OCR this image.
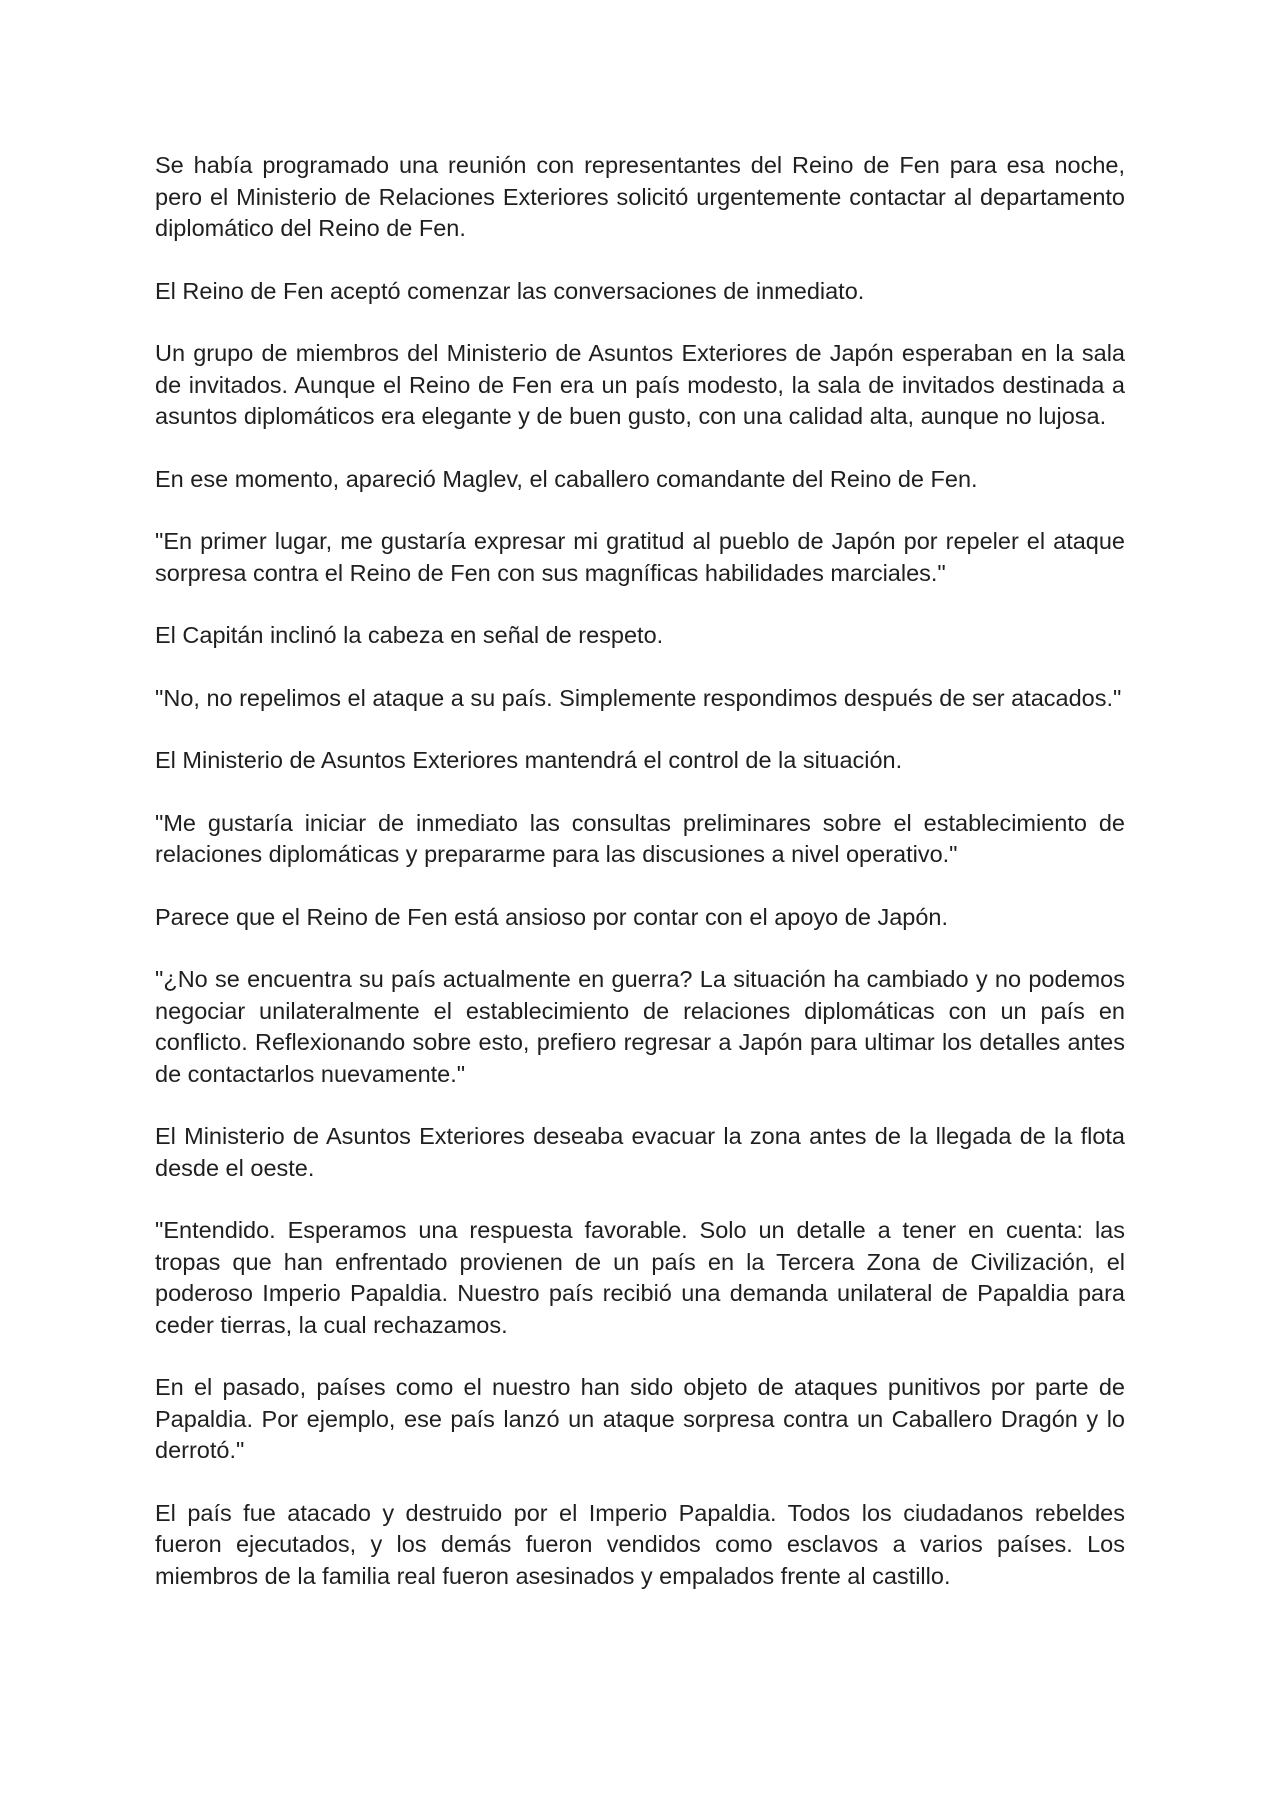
Se había programado una reunión con representantes del Reino de Fen para esa noche, pero el Ministerio de Relaciones Exteriores solicitó urgentemente contactar al departamento diplomático del Reino de Fen.

El Reino de Fen aceptó comenzar las conversaciones de inmediato.

Un grupo de miembros del Ministerio de Asuntos Exteriores de Japón esperaban en la sala de invitados. Aunque el Reino de Fen era un país modesto, la sala de invitados destinada a asuntos diplomáticos era elegante y de buen gusto, con una calidad alta, aunque no lujosa.

En ese momento, apareció Maglev, el caballero comandante del Reino de Fen.

"En primer lugar, me gustaría expresar mi gratitud al pueblo de Japón por repeler el ataque sorpresa contra el Reino de Fen con sus magníficas habilidades marciales."

El Capitán inclinó la cabeza en señal de respeto.

"No, no repelimos el ataque a su país. Simplemente respondimos después de ser atacados."

El Ministerio de Asuntos Exteriores mantendrá el control de la situación.

"Me gustaría iniciar de inmediato las consultas preliminares sobre el establecimiento de relaciones diplomáticas y prepararme para las discusiones a nivel operativo."

Parece que el Reino de Fen está ansioso por contar con el apoyo de Japón.

"¿No se encuentra su país actualmente en guerra? La situación ha cambiado y no podemos negociar unilateralmente el establecimiento de relaciones diplomáticas con un país en conflicto. Reflexionando sobre esto, prefiero regresar a Japón para ultimar los detalles antes de contactarlos nuevamente."

El Ministerio de Asuntos Exteriores deseaba evacuar la zona antes de la llegada de la flota desde el oeste.

"Entendido. Esperamos una respuesta favorable. Solo un detalle a tener en cuenta: las tropas que han enfrentado provienen de un país en la Tercera Zona de Civilización, el poderoso Imperio Papaldia. Nuestro país recibió una demanda unilateral de Papaldia para ceder tierras, la cual rechazamos.

En el pasado, países como el nuestro han sido objeto de ataques punitivos por parte de Papaldia. Por ejemplo, ese país lanzó un ataque sorpresa contra un Caballero Dragón y lo derrotó."

El país fue atacado y destruido por el Imperio Papaldia. Todos los ciudadanos rebeldes fueron ejecutados, y los demás fueron vendidos como esclavos a varios países. Los miembros de la familia real fueron asesinados y empalados frente al castillo.
